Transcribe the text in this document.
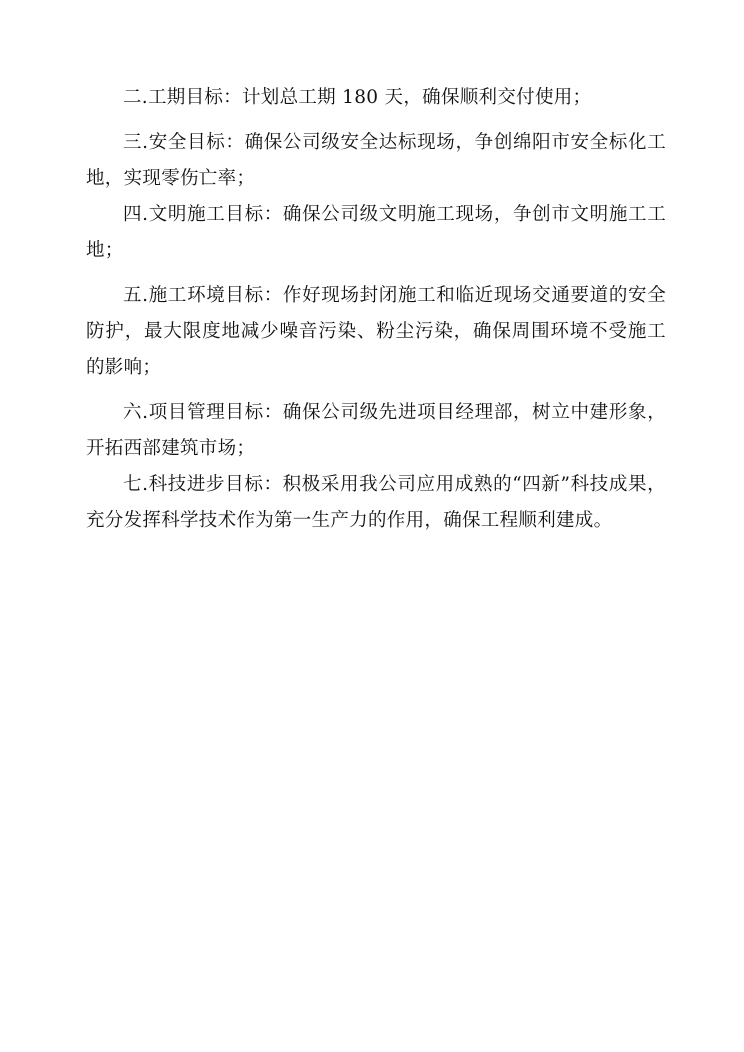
二.工期目标：计划总工期 180 天，确保顺利交付使用；

三.安全目标：确保公司级安全达标现场，争创绵阳市安全标化工地，实现零伤亡率；

四.文明施工目标：确保公司级文明施工现场，争创市文明施工工地；

五.施工环境目标：作好现场封闭施工和临近现场交通要道的安全防护，最大限度地减少噪音污染、粉尘污染，确保周围环境不受施工的影响；

六.项目管理目标：确保公司级先进项目经理部，树立中建形象，开拓西部建筑市场；

七.科技进步目标：积极采用我公司应用成熟的“四新”科技成果，充分发挥科学技术作为第一生产力的作用，确保工程顺利建成。
